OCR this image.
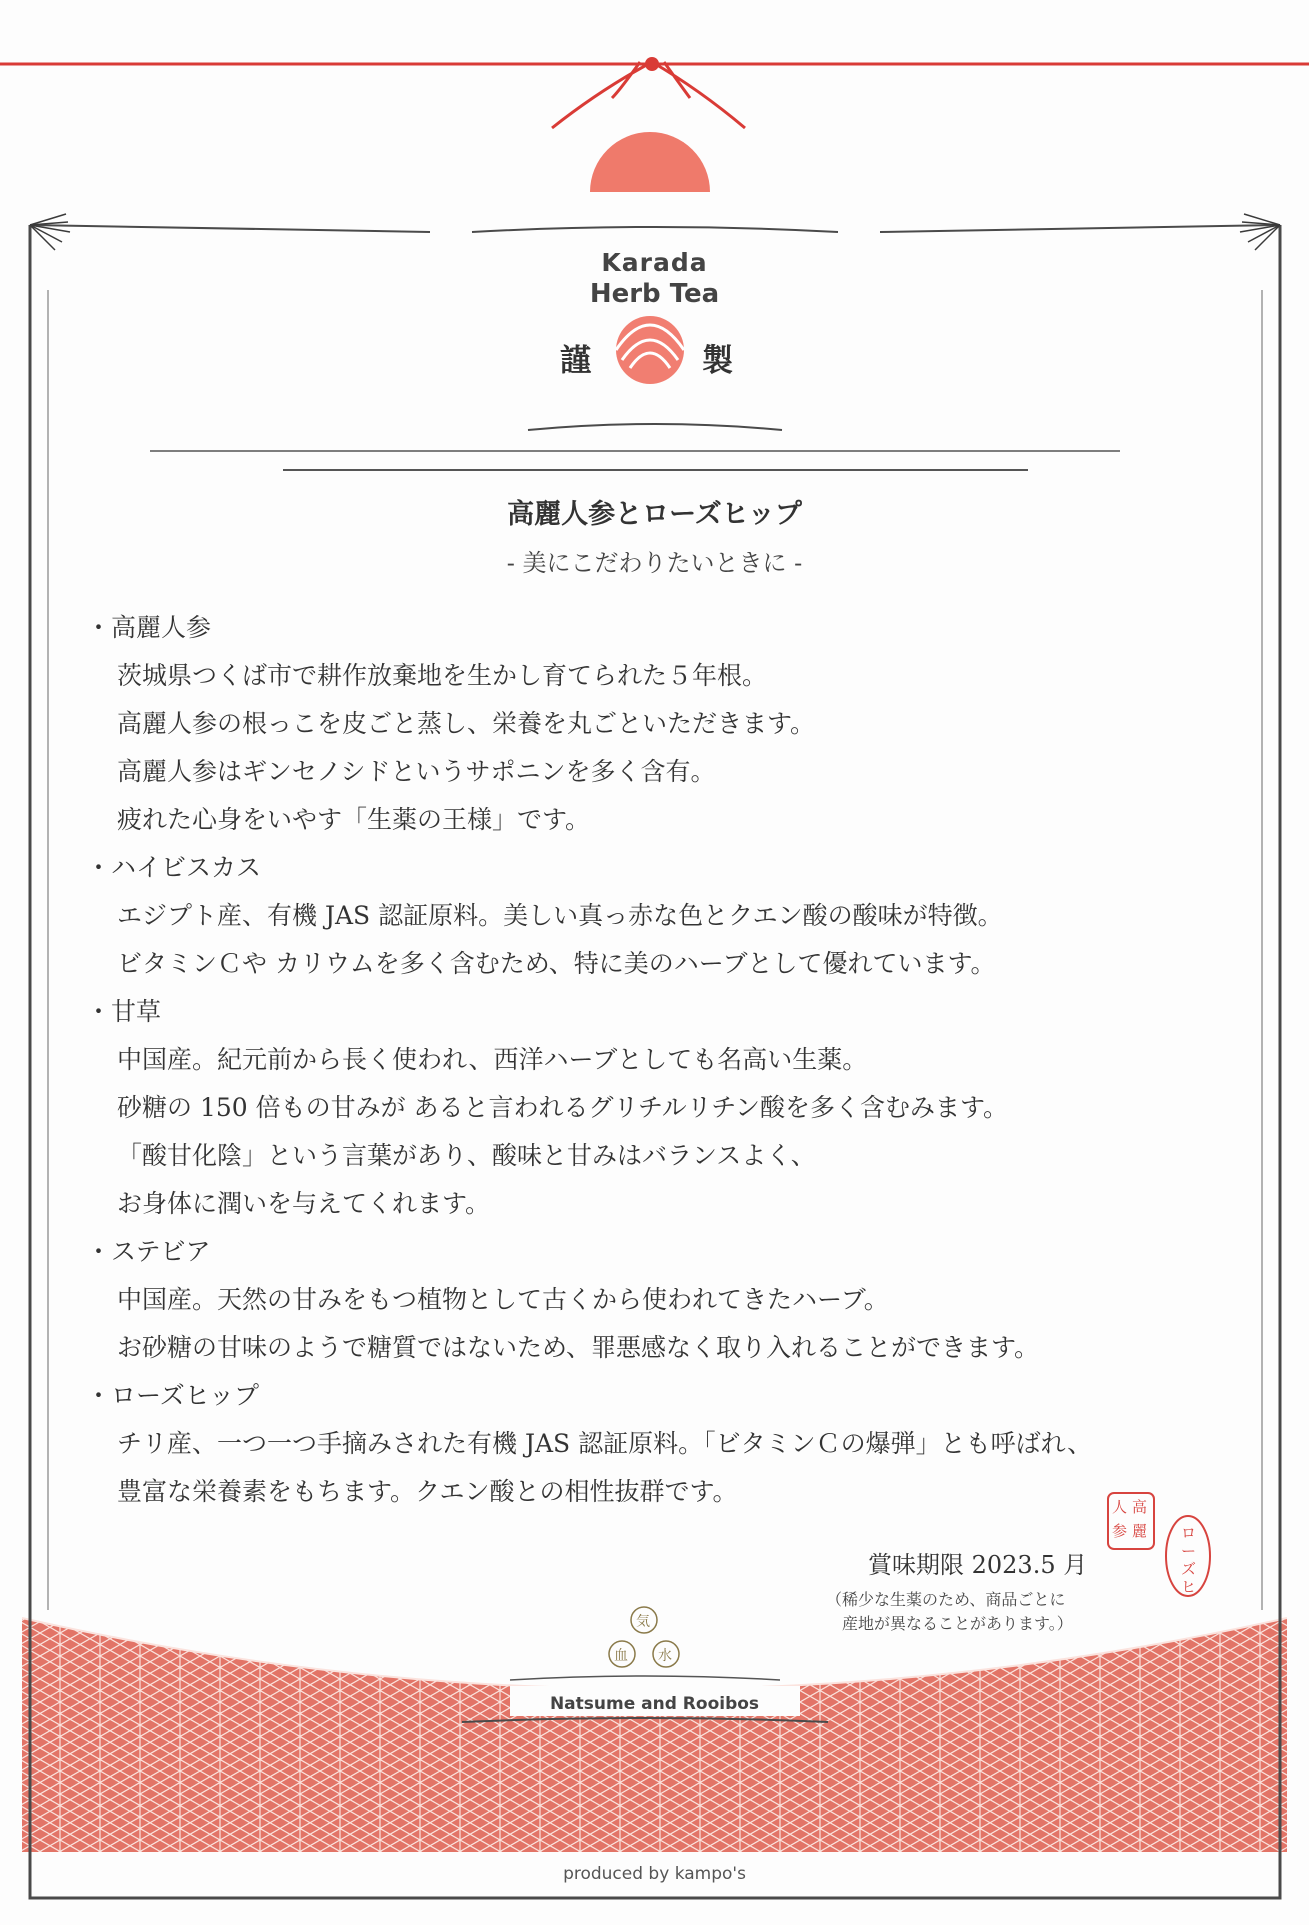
Karada
Herb Tea
謹	製
高麗人参とローズヒップ
- 美にこだわりたいときに -
・高麗人参
茨城県つくば市で耕作放棄地を生かし育てられた５年根。
高麗人参の根っこを皮ごと蒸し、栄養を丸ごといただきます。
高麗人参はギンセノシドというサポニンを多く含有。
疲れた心身をいやす「生薬の王様」です。
・ハイビスカス
エジプト産、有機 JAS 認証原料。美しい真っ赤な色とクエン酸の酸味が特徴。
ビタミンＣや カリウムを多く含むため、特に美のハーブとして優れています。
・甘草
中国産。紀元前から長く使われ、西洋ハーブとしても名高い生薬。
砂糖の 150 倍もの甘みが あると言われるグリチルリチン酸を多く含むみます。
「酸甘化陰」という言葉があり、酸味と甘みはバランスよく、
お身体に潤いを与えてくれます。
・ステビア
中国産。天然の甘みをもつ植物として古くから使われてきたハーブ。
お砂糖の甘味のようで糖質ではないため、罪悪感なく取り入れることができます。
・ローズヒップ
チリ産、一つ一つ手摘みされた有機 JAS 認証原料。「ビタミンＣの爆弾」とも呼ばれ、
豊富な栄養素をもちます。クエン酸との相性抜群です。
高
麗
人
参	ロ
ー
ズ
ヒ
賞味期限 2023.5 月
（稀少な生薬のため、商品ごとに
　産地が異なることがあります。）
気
血 水
Natsume and Rooibos
produced by kampo's
